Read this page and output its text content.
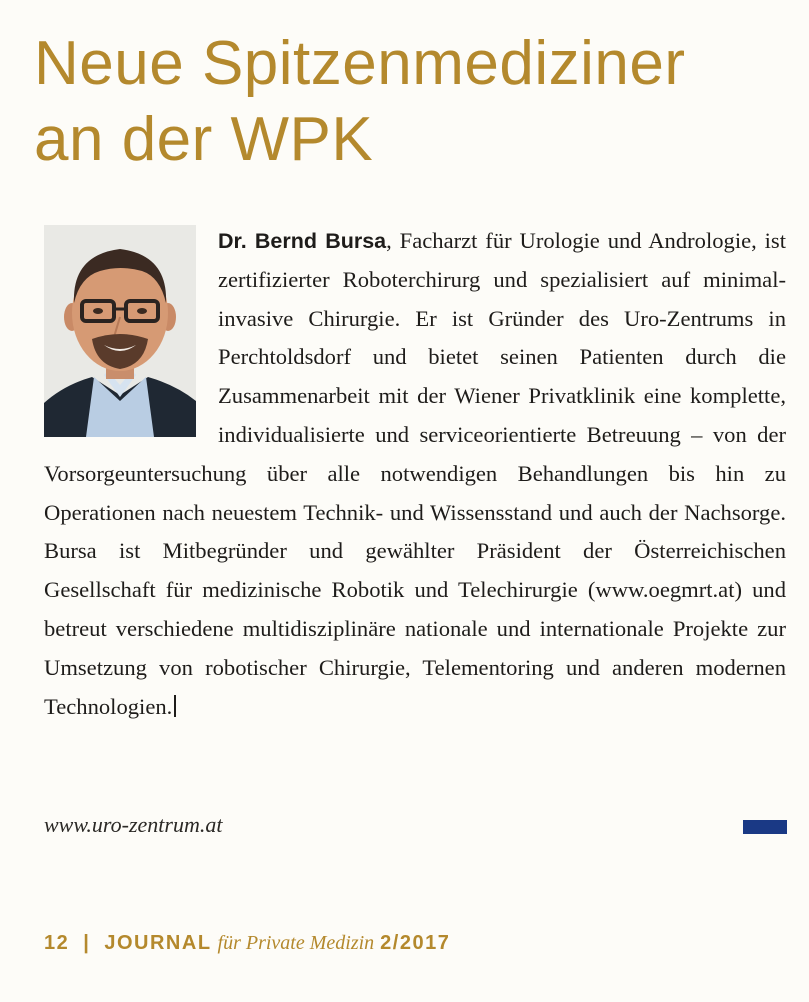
Neue Spitzenmediziner
an der WPK
Dr. Bernd Bursa, Facharzt für Urologie und Andrologie, ist zertifizierter Roboterchirurg und spezialisiert auf minimal-invasive Chirurgie. Er ist Gründer des Uro-Zentrums in Perchtoldsdorf und bietet seinen Patienten durch die Zusammenarbeit mit der Wiener Privatklinik eine komplette, individualisierte und serviceorientierte Betreuung – von der Vorsorgeuntersuchung über alle notwendigen Behandlungen bis hin zu Operationen nach neuestem Technik- und Wissensstand und auch der Nachsorge. Bursa ist Mitbegründer und gewählter Präsident der Österreichischen Gesellschaft für medizinische Robotik und Telechirurgie (www.oegmrt.at) und betreut verschiedene multidisziplinäre nationale und internationale Projekte zur Umsetzung von robotischer Chirurgie, Telementoring und anderen modernen Technologien.
www.uro-zentrum.at
12 | JOURNAL für Private Medizin 2/2017
